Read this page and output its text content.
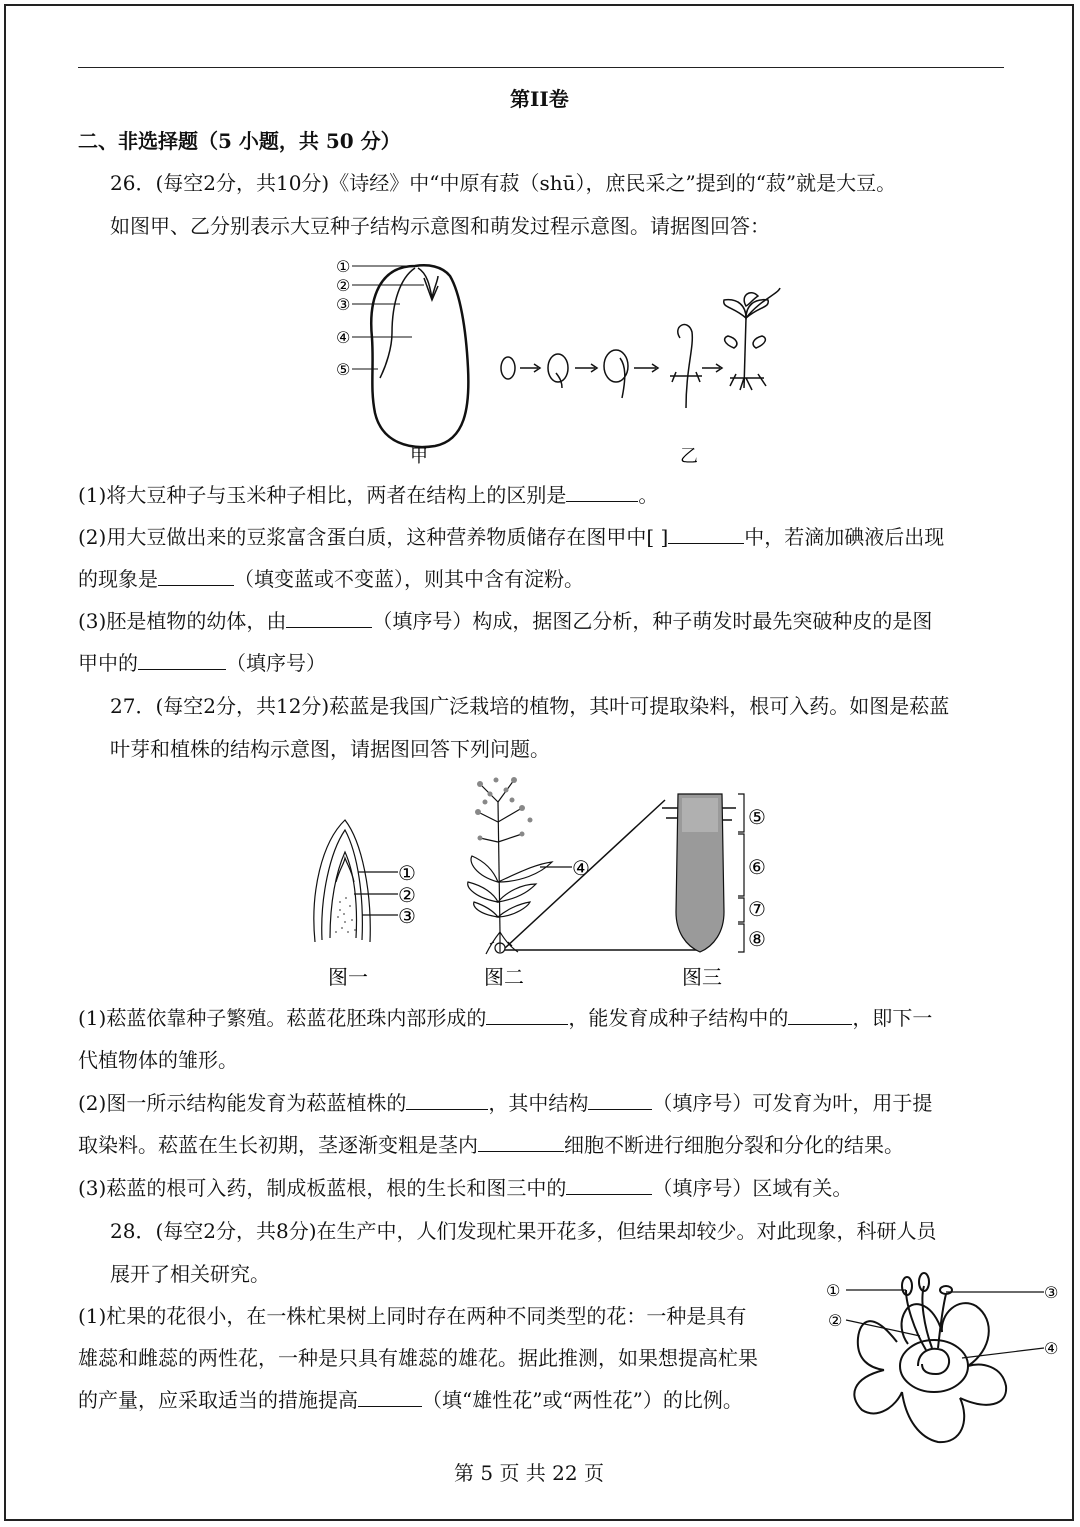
第II卷
二、非选择题（5 小题，共 50 分）
26．(每空2分，共10分)《诗经》中“中原有菽（shū），庶民采之”提到的“菽”就是大豆。
如图甲、乙分别表示大豆种子结构示意图和萌发过程示意图。请据图回答：
①
②
③
④
⑤
甲	乙
(1)将大豆种子与玉米种子相比，两者在结构上的区别是	。
(2)用大豆做出来的豆浆富含蛋白质，这种营养物质储存在图甲中[ ]	中，若滴加碘液后出现
的现象是	（填变蓝或不变蓝），则其中含有淀粉。
(3)胚是植物的幼体，由	（填序号）构成，据图乙分析，种子萌发时最先突破种皮的是图
甲中的	（填序号）
27．(每空2分，共12分)菘蓝是我国广泛栽培的植物，其叶可提取染料，根可入药。如图是菘蓝
叶芽和植株的结构示意图，请据图回答下列问题。
①
②
③
图一
④
图二
⑤
⑥
⑦
⑧
图三
(1)菘蓝依靠种子繁殖。菘蓝花胚珠内部形成的	，能发育成种子结构中的	，即下一
代植物体的雏形。
(2)图一所示结构能发育为菘蓝植株的	，其中结构	（填序号）可发育为叶，用于提
取染料。菘蓝在生长初期，茎逐渐变粗是茎内	细胞不断进行细胞分裂和分化的结果。
(3)菘蓝的根可入药，制成板蓝根，根的生长和图三中的	（填序号）区域有关。
28．(每空2分，共8分)在生产中，人们发现杧果开花多，但结果却较少。对此现象，科研人员
展开了相关研究。
(1)杧果的花很小，在一株杧果树上同时存在两种不同类型的花：一种是具有
雄蕊和雌蕊的两性花，一种是只具有雄蕊的雄花。据此推测，如果想提高杧果
的产量，应采取适当的措施提高	（填“雄性花”或“两性花”）的比例。
①
②
③
④
第 5 页 共 22 页
